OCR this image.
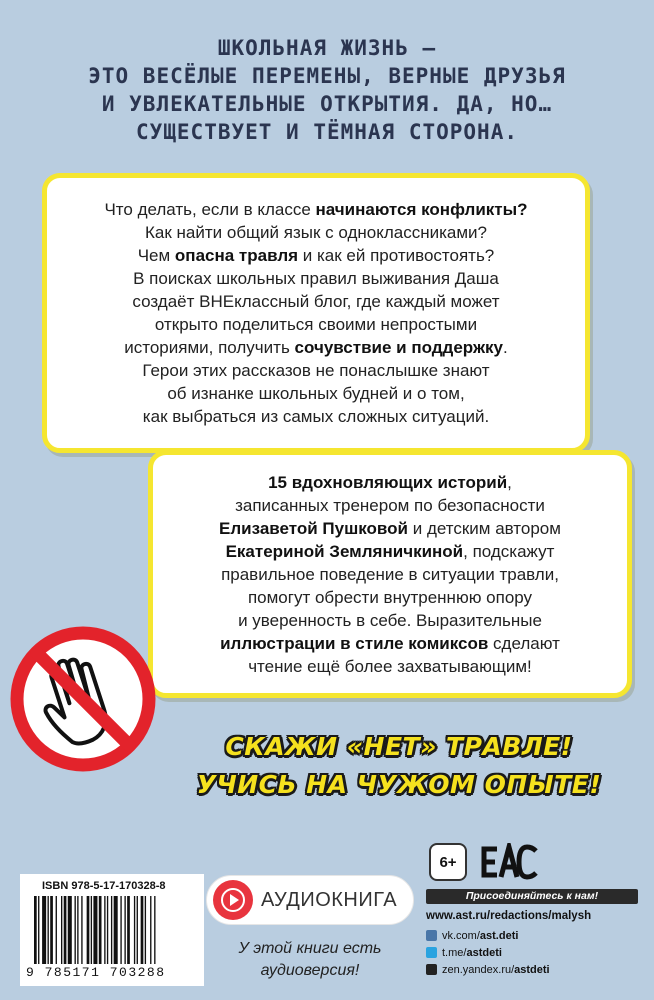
ШКОЛЬНАЯ ЖИЗНЬ —
ЭТО ВЕСЁЛЫЕ ПЕРЕМЕНЫ, ВЕРНЫЕ ДРУЗЬЯ
И УВЛЕКАТЕЛЬНЫЕ ОТКРЫТИЯ. ДА, НО…
СУЩЕСТВУЕТ И ТЁМНАЯ СТОРОНА.
Что делать, если в классе начинаются конфликты?
Как найти общий язык с одноклассниками?
Чем опасна травля и как ей противостоять?
В поисках школьных правил выживания Даша
создаёт ВНЕклассный блог, где каждый может
открыто поделиться своими непростыми
историями, получить сочувствие и поддержку.
Герои этих рассказов не понаслышке знают
об изнанке школьных будней и о том,
как выбраться из самых сложных ситуаций.
15 вдохновляющих историй,
записанных тренером по безопасности
Елизаветой Пушковой и детским автором
Екатериной Земляничкиной, подскажут
правильное поведение в ситуации травли,
помогут обрести внутреннюю опору
и уверенность в себе. Выразительные
иллюстрации в стиле комиксов сделают
чтение ещё более захватывающим!
СКАЖИ «НЕТ» ТРАВЛЕ!
УЧИСЬ НА ЧУЖОМ ОПЫТЕ!
ISBN 978-5-17-170328-8
9 785171 703288
АУДИОКНИГА
У этой книги есть
аудиоверсия!
6+
Присоединяйтесь к нам!
www.ast.ru/redactions/malysh
vk.com/ ast.deti
t.me/ astdeti
zen.yandex.ru/ astdeti
